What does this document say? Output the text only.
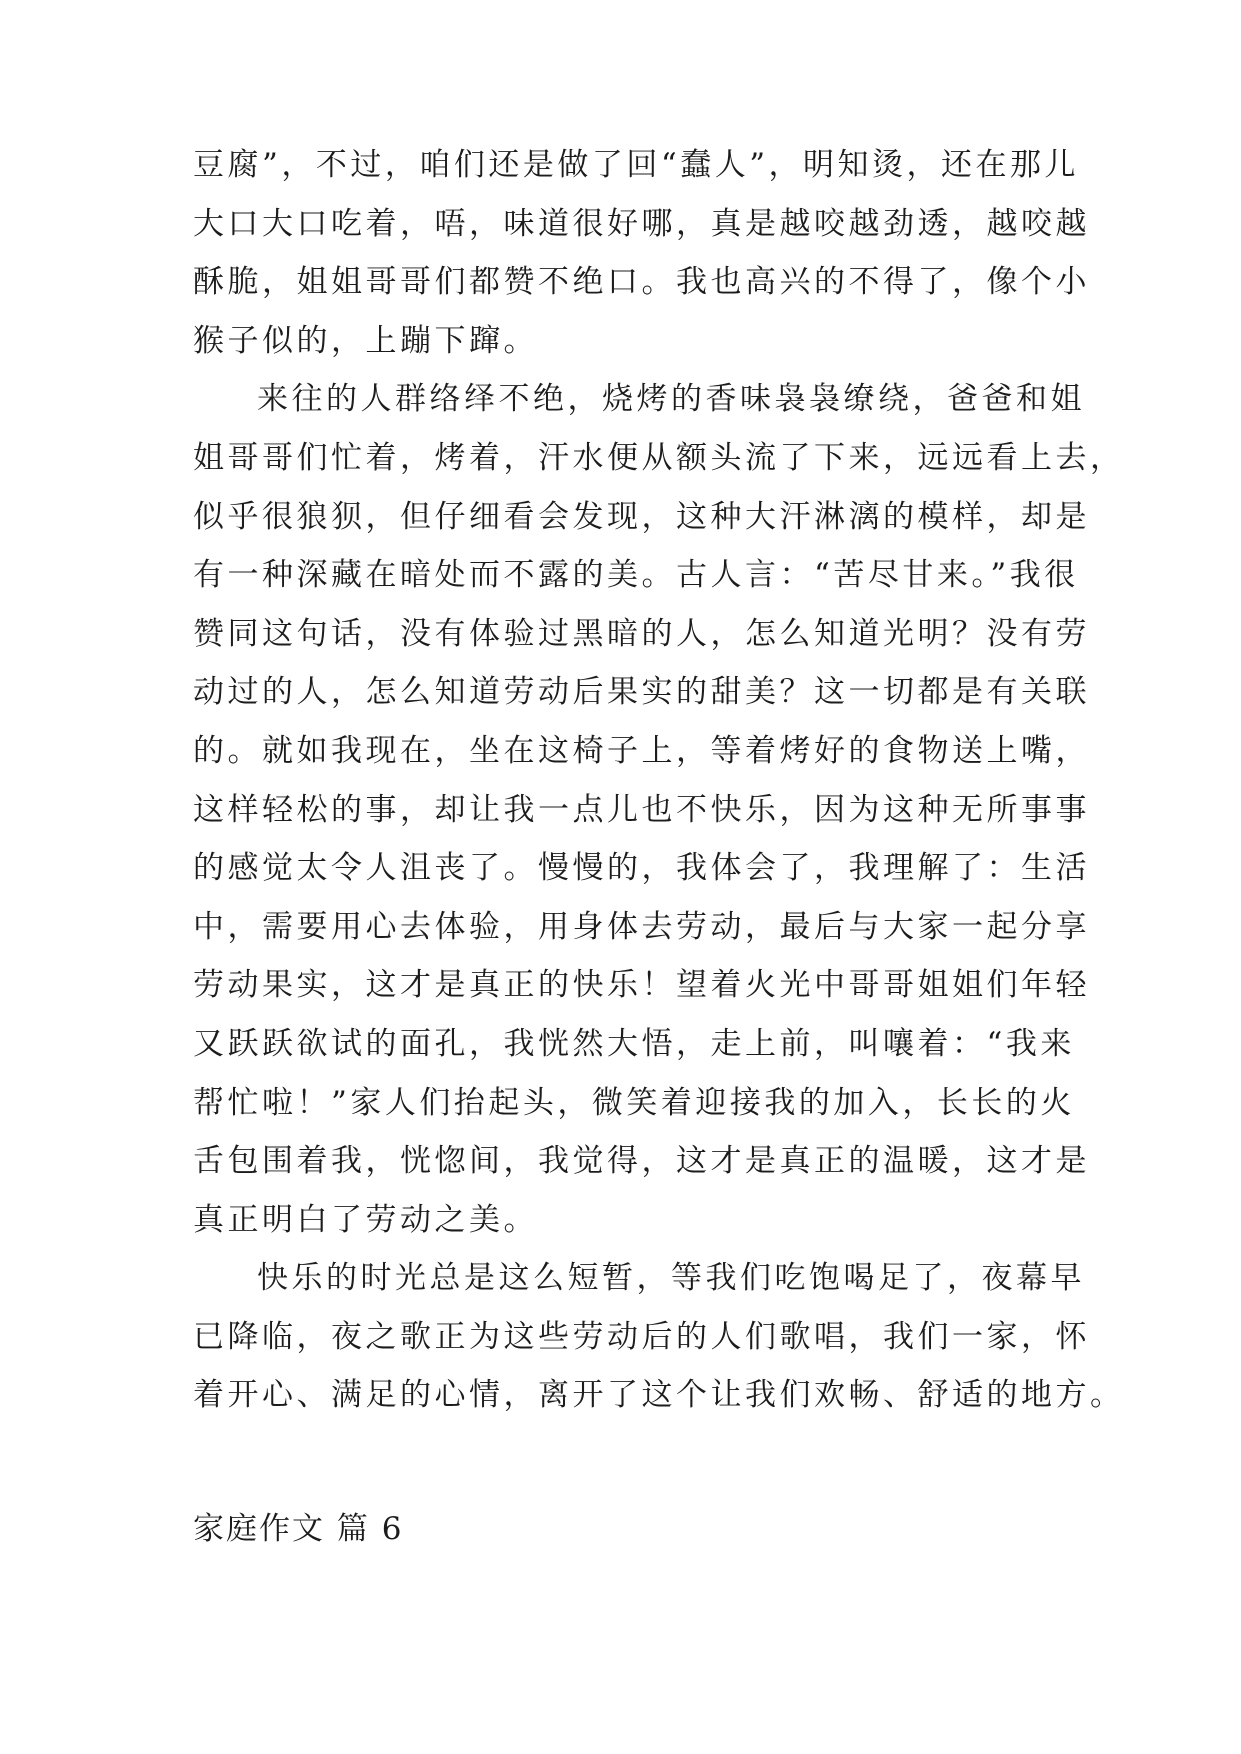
豆腐”，不过，咱们还是做了回“蠢人”，明知烫，还在那儿
大口大口吃着，唔，味道很好哪，真是越咬越劲透，越咬越
酥脆，姐姐哥哥们都赞不绝口。我也高兴的不得了，像个小
猴子似的，上蹦下蹿。
来往的人群络绎不绝，烧烤的香味袅袅缭绕，爸爸和姐
姐哥哥们忙着，烤着，汗水便从额头流了下来，远远看上去，
似乎很狼狈，但仔细看会发现，这种大汗淋漓的模样，却是
有一种深藏在暗处而不露的美。古人言：“苦尽甘来。”我很
赞同这句话，没有体验过黑暗的人，怎么知道光明？没有劳
动过的人，怎么知道劳动后果实的甜美？这一切都是有关联
的。就如我现在，坐在这椅子上，等着烤好的食物送上嘴，
这样轻松的事，却让我一点儿也不快乐，因为这种无所事事
的感觉太令人沮丧了。慢慢的，我体会了，我理解了：生活
中，需要用心去体验，用身体去劳动，最后与大家一起分享
劳动果实，这才是真正的快乐！望着火光中哥哥姐姐们年轻
又跃跃欲试的面孔，我恍然大悟，走上前，叫嚷着：“我来
帮忙啦！”家人们抬起头，微笑着迎接我的加入，长长的火
舌包围着我，恍惚间，我觉得，这才是真正的温暖，这才是
真正明白了劳动之美。
快乐的时光总是这么短暂，等我们吃饱喝足了，夜幕早
已降临，夜之歌正为这些劳动后的人们歌唱，我们一家，怀
着开心、满足的心情，离开了这个让我们欢畅、舒适的地方。
家庭作文 篇 6
